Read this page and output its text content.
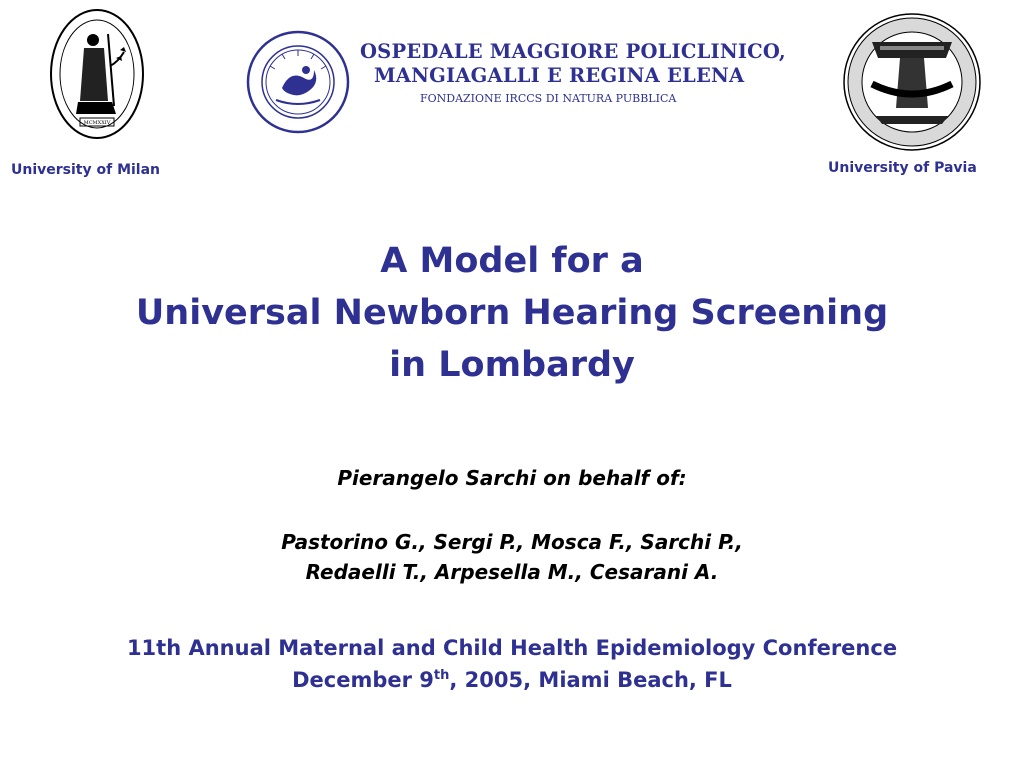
MCMXXIV
University of Milan
OSPEDALE MAGGIORE POLICLINICO,
MANGIAGALLI E REGINA ELENA
FONDAZIONE IRCCS DI NATURA PUBBLICA
University of Pavia
A Model for a
Universal Newborn Hearing Screening
in Lombardy
Pierangelo Sarchi on behalf of:
Pastorino G., Sergi P., Mosca F., Sarchi P.,
Redaelli T., Arpesella M., Cesarani A.
11th Annual Maternal and Child Health Epidemiology Conference
December 9th, 2005, Miami Beach, FL
